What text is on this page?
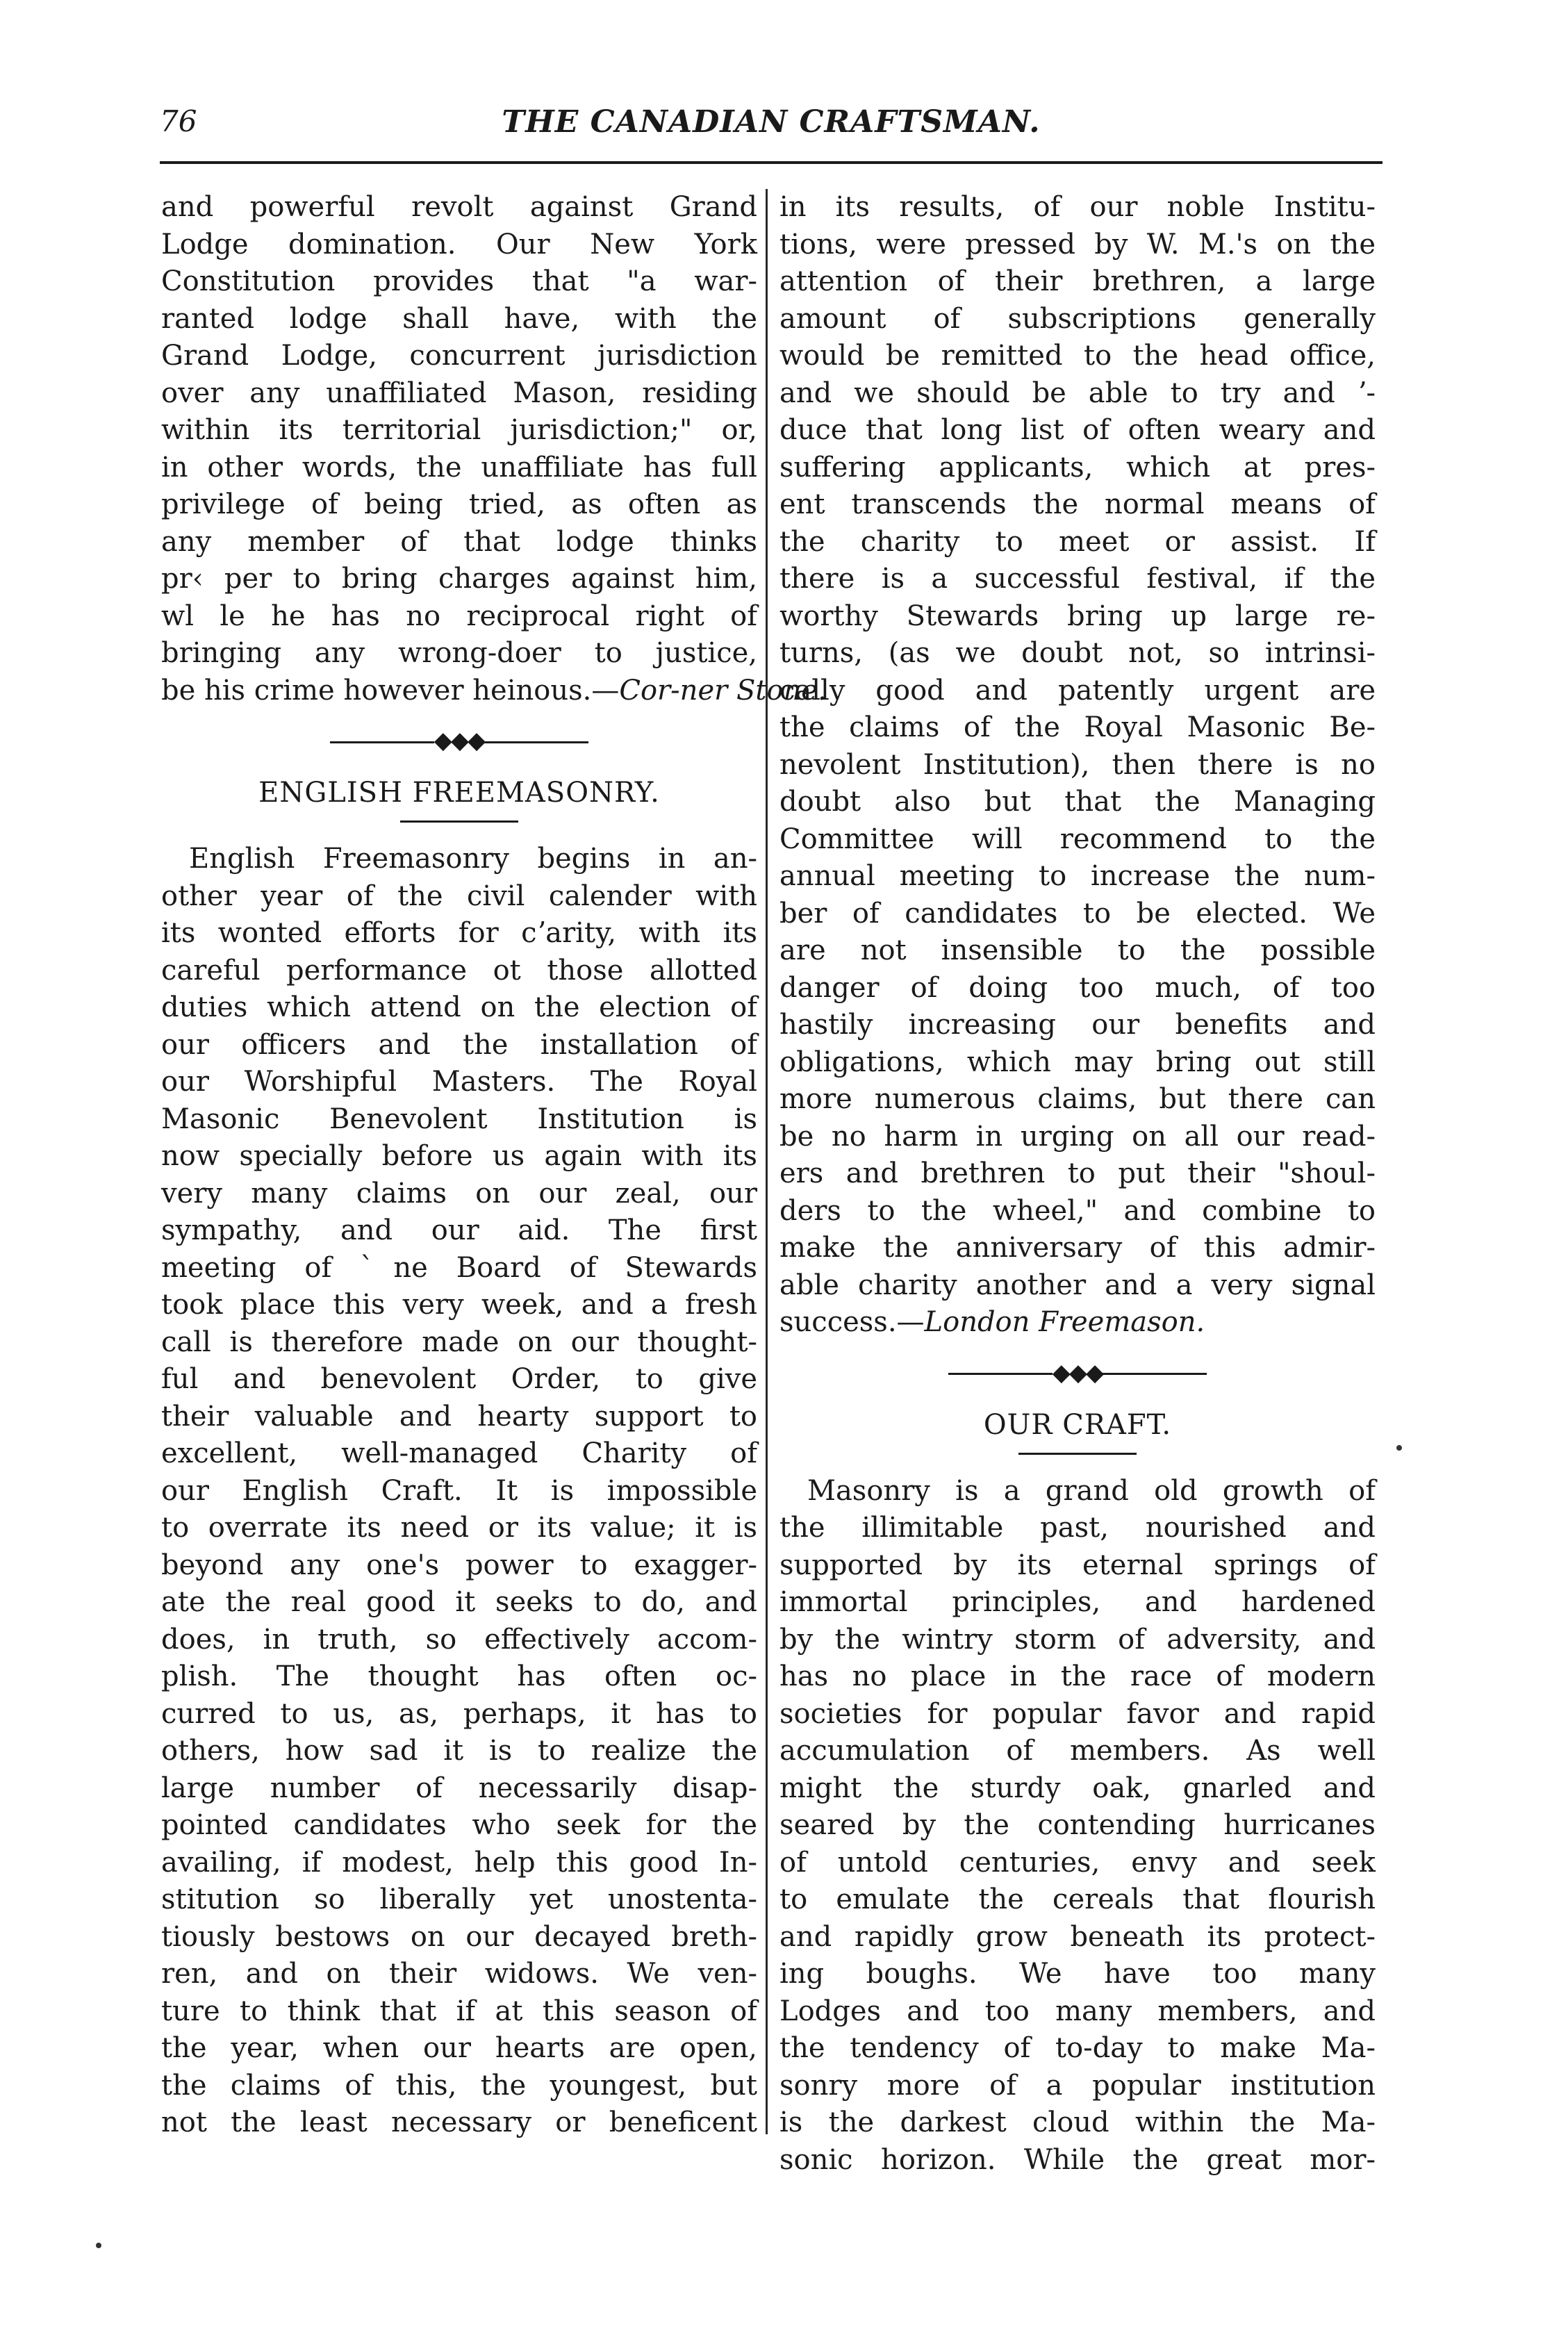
76	THE CANADIAN CRAFTSMAN.
and powerful revolt against Grand
Lodge domination. Our New York
Constitution provides that "a war-
ranted lodge shall have, with the
Grand Lodge, concurrent jurisdiction
over any unaffiliated Mason, residing
within its territorial jurisdiction;" or,
in other words, the unaffiliate has full
privilege of being tried, as often as
any member of that lodge thinks
pr‹ per to bring charges against him,
wl le he has no reciprocal right of
bringing any wrong-doer to justice,
be his crime however heinous.—Cor-ner Stone.
◆◆◆
ENGLISH FREEMASONRY.
English Freemasonry begins in an-
other year of the civil calender with
its wonted efforts for cʼarity, with its
careful performance ot those allotted
duties which attend on the election of
our officers and the installation of
our Worshipful Masters. The Royal
Masonic Benevolent Institution is
now specially before us again with its
very many claims on our zeal, our
sympathy, and our aid. The first
meeting of ˋne Board of Stewards
took place this very week, and a fresh
call is therefore made on our thought-
ful and benevolent Order, to give
their valuable and hearty support to
excellent, well-managed Charity of
our English Craft. It is impossible
to overrate its need or its value; it is
beyond any one's power to exagger-
ate the real good it seeks to do, and
does, in truth, so effectively accom-
plish. The thought has often oc-
curred to us, as, perhaps, it has to
others, how sad it is to realize the
large number of necessarily disap-
pointed candidates who seek for the
availing, if modest, help this good In-
stitution so liberally yet unostenta-
tiously bestows on our decayed breth-
ren, and on their widows. We ven-
ture to think that if at this season of
the year, when our hearts are open,
the claims of this, the youngest, but
not the least necessary or beneficent
in its results, of our noble Institu-
tions, were pressed by W. M.'s on the
attention of their brethren, a large
amount of subscriptions generally
would be remitted to the head office,
and we should be able to try and ʼ-
duce that long list of often weary and
suffering applicants, which at pres-
ent transcends the normal means of
the charity to meet or assist. If
there is a successful festival, if the
worthy Stewards bring up large re-
turns, (as we doubt not, so intrinsi-
cally good and patently urgent are
the claims of the Royal Masonic Be-
nevolent Institution), then there is no
doubt also but that the Managing
Committee will recommend to the
annual meeting to increase the num-
ber of candidates to be elected. We
are not insensible to the possible
danger of doing too much, of too
hastily increasing our benefits and
obligations, which may bring out still
more numerous claims, but there can
be no harm in urging on all our read-
ers and brethren to put their "shoul-
ders to the wheel," and combine to
make the anniversary of this admir-
able charity another and a very signal
success.—London Freemason.
◆◆◆
OUR CRAFT.
Masonry is a grand old growth of
the illimitable past, nourished and
supported by its eternal springs of
immortal principles, and hardened
by the wintry storm of adversity, and
has no place in the race of modern
societies for popular favor and rapid
accumulation of members. As well
might the sturdy oak, gnarled and
seared by the contending hurricanes
of untold centuries, envy and seek
to emulate the cereals that flourish
and rapidly grow beneath its protect-
ing boughs. We have too many
Lodges and too many members, and
the tendency of to-day to make Ma-
sonry more of a popular institution
is the darkest cloud within the Ma-
sonic horizon. While the great mor-
